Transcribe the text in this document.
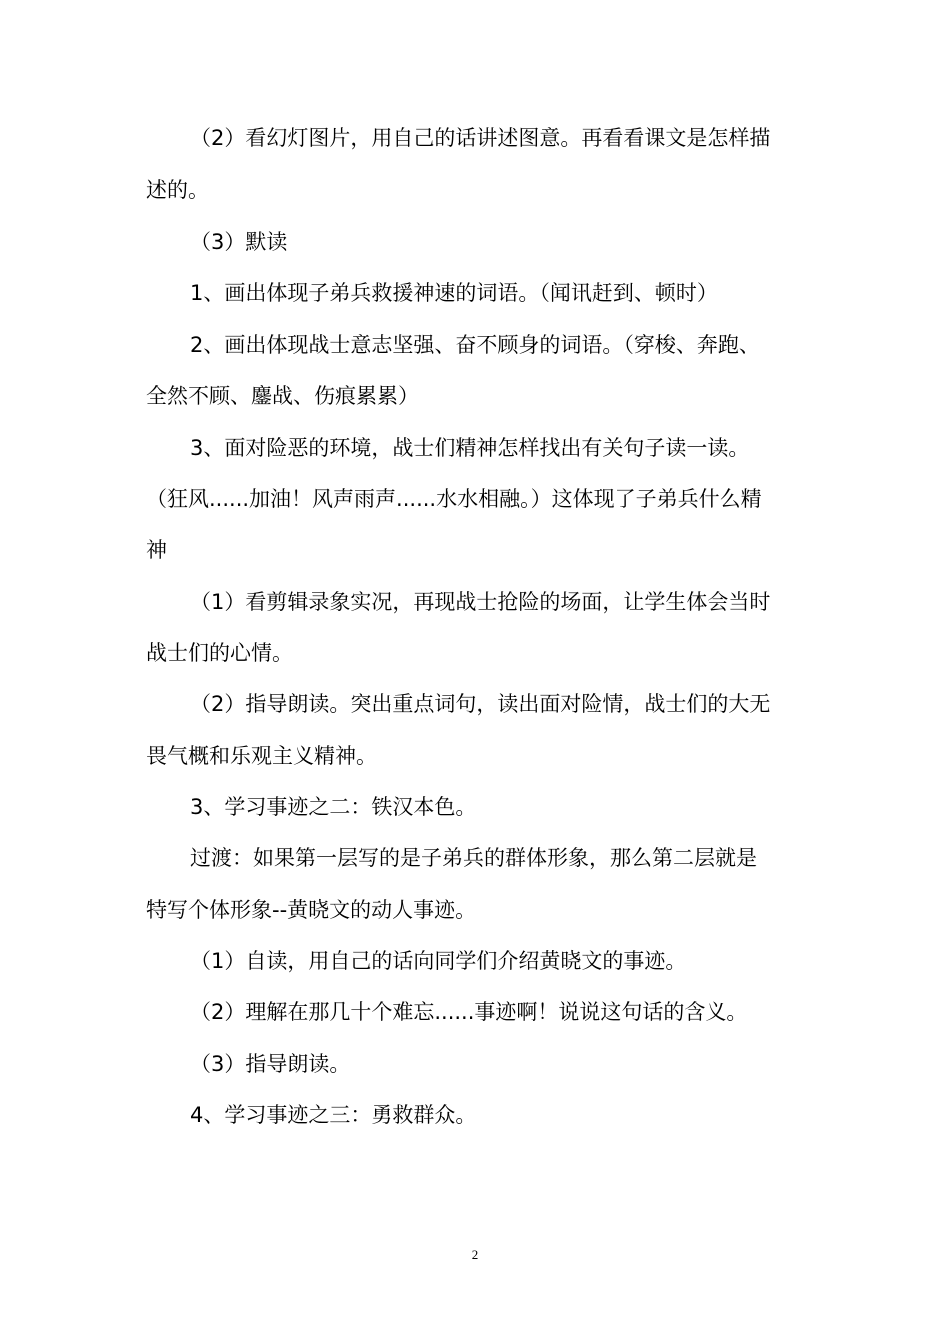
（2）看幻灯图片，用自己的话讲述图意。再看看课文是怎样描
述的。
（3）默读
1、画出体现子弟兵救援神速的词语。（闻讯赶到、顿时）
2、画出体现战士意志坚强、奋不顾身的词语。（穿梭、奔跑、
全然不顾、鏖战、伤痕累累）
3、面对险恶的环境，战士们精神怎样找出有关句子读一读。
（狂风......加油！风声雨声......水水相融。）这体现了子弟兵什么精
神
（1）看剪辑录象实况，再现战士抢险的场面，让学生体会当时
战士们的心情。
（2）指导朗读。突出重点词句，读出面对险情，战士们的大无
畏气概和乐观主义精神。
3、学习事迹之二：铁汉本色。
过渡：如果第一层写的是子弟兵的群体形象，那么第二层就是
特写个体形象--黄晓文的动人事迹。
（1）自读，用自己的话向同学们介绍黄晓文的事迹。
（2）理解在那几十个难忘......事迹啊！说说这句话的含义。
（3）指导朗读。
4、学习事迹之三：勇救群众。
2
